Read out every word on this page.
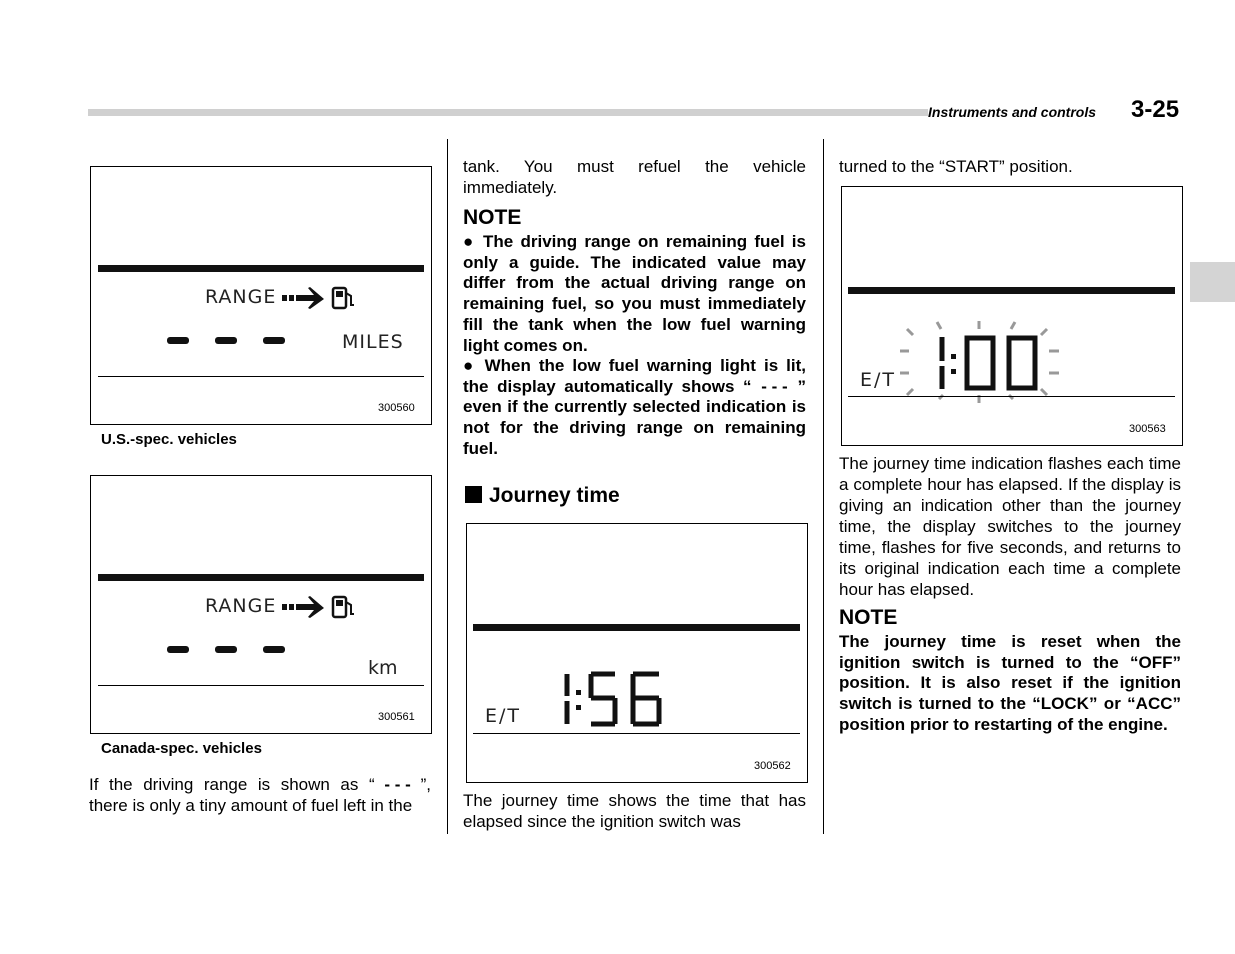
Instruments and controls 3-25
RANGE
MILES
300560
U.S.-spec. vehicles
RANGE
km
300561
Canada-spec. vehicles
If the driving range is shown as “ - - - ”, there is only a tiny amount of fuel left in the
tank. You must refuel the vehicle immediately.
NOTE
● The driving range on remaining fuel is only a guide. The indicated value may differ from the actual driving range on remaining fuel, so you must immediately fill the tank when the low fuel warning light comes on.
● When the low fuel warning light is lit, the display automatically shows “ - - - ” even if the currently selected indication is not for the driving range on remaining fuel.
Journey time
E/T
1:56
300562
The journey time shows the time that has elapsed since the ignition switch was
turned to the “START” position.
E/T
1:00
300563
The journey time indication flashes each time a complete hour has elapsed. If the display is giving an indication other than the journey time, the display switches to the journey time, flashes for five seconds, and returns to its original indication each time a complete hour has elapsed.
NOTE
The journey time is reset when the ignition switch is turned to the “OFF” position. It is also reset if the ignition switch is turned to the “LOCK” or “ACC” position prior to restarting of the engine.
